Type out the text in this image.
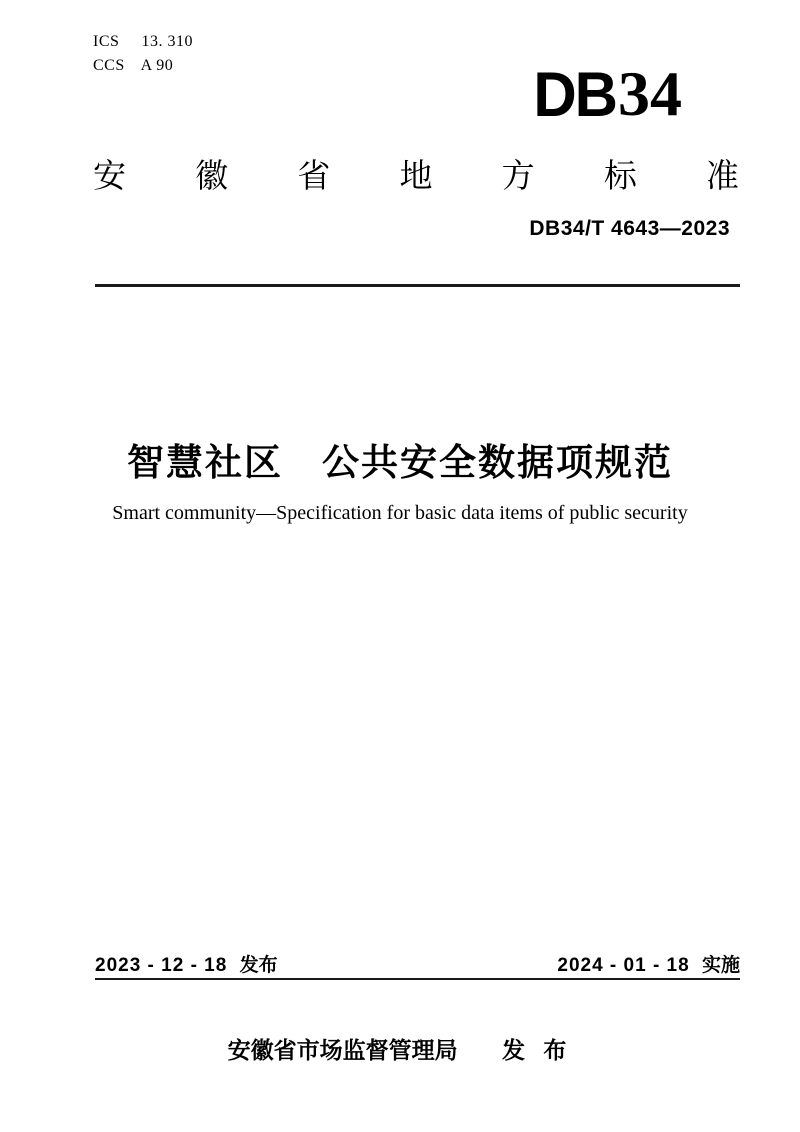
ICS 13. 310
CCS A 90	DB34
安 徽 省 地 方 标 准
DB34/T 4643—2023
智慧社区　公共安全数据项规范
Smart community—Specification for basic data items of public security
2023 - 12 - 18 发布	2024 - 01 - 18 实施
安徽省市场监督管理局 发 布
